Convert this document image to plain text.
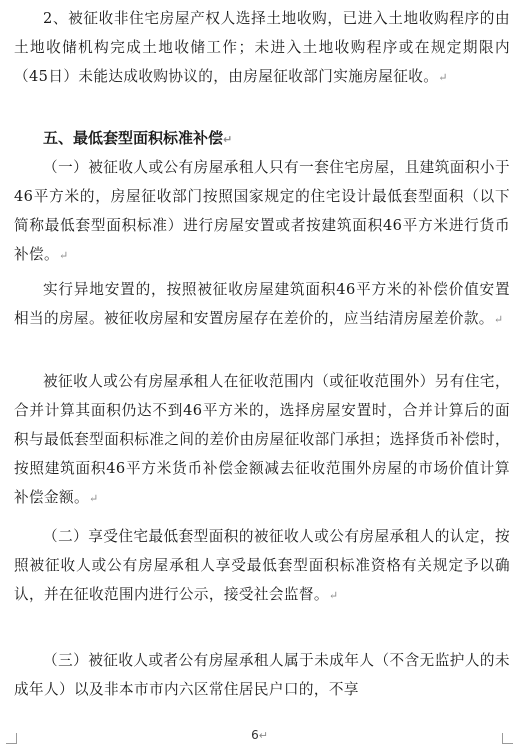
2、被征收非住宅房屋产权人选择土地收购，已进入土地收购程序的由土地收储机构完成土地收储工作；未进入土地收购程序或在规定期限内（45日）未能达成收购协议的，由房屋征收部门实施房屋征收。↵

五、最低套型面积标准补偿↵

（一）被征收人或公有房屋承租人只有一套住宅房屋，且建筑面积小于46平方米的，房屋征收部门按照国家规定的住宅设计最低套型面积（以下简称最低套型面积标准）进行房屋安置或者按建筑面积46平方米进行货币补偿。↵

实行异地安置的，按照被征收房屋建筑面积46平方米的补偿价值安置相当的房屋。被征收房屋和安置房屋存在差价的，应当结清房屋差价款。↵

被征收人或公有房屋承租人在征收范围内（或征收范围外）另有住宅，合并计算其面积仍达不到46平方米的，选择房屋安置时，合并计算后的面积与最低套型面积标准之间的差价由房屋征收部门承担；选择货币补偿时，按照建筑面积46平方米货币补偿金额减去征收范围外房屋的市场价值计算补偿金额。↵

（二）享受住宅最低套型面积的被征收人或公有房屋承租人的认定，按照被征收人或公有房屋承租人享受最低套型面积标准资格有关规定予以确认，并在征收范围内进行公示，接受社会监督。↵

（三）被征收人或者公有房屋承租人属于未成年人（不含无监护人的未成年人）以及非本市市内六区常住居民户口的，不享

6↵
